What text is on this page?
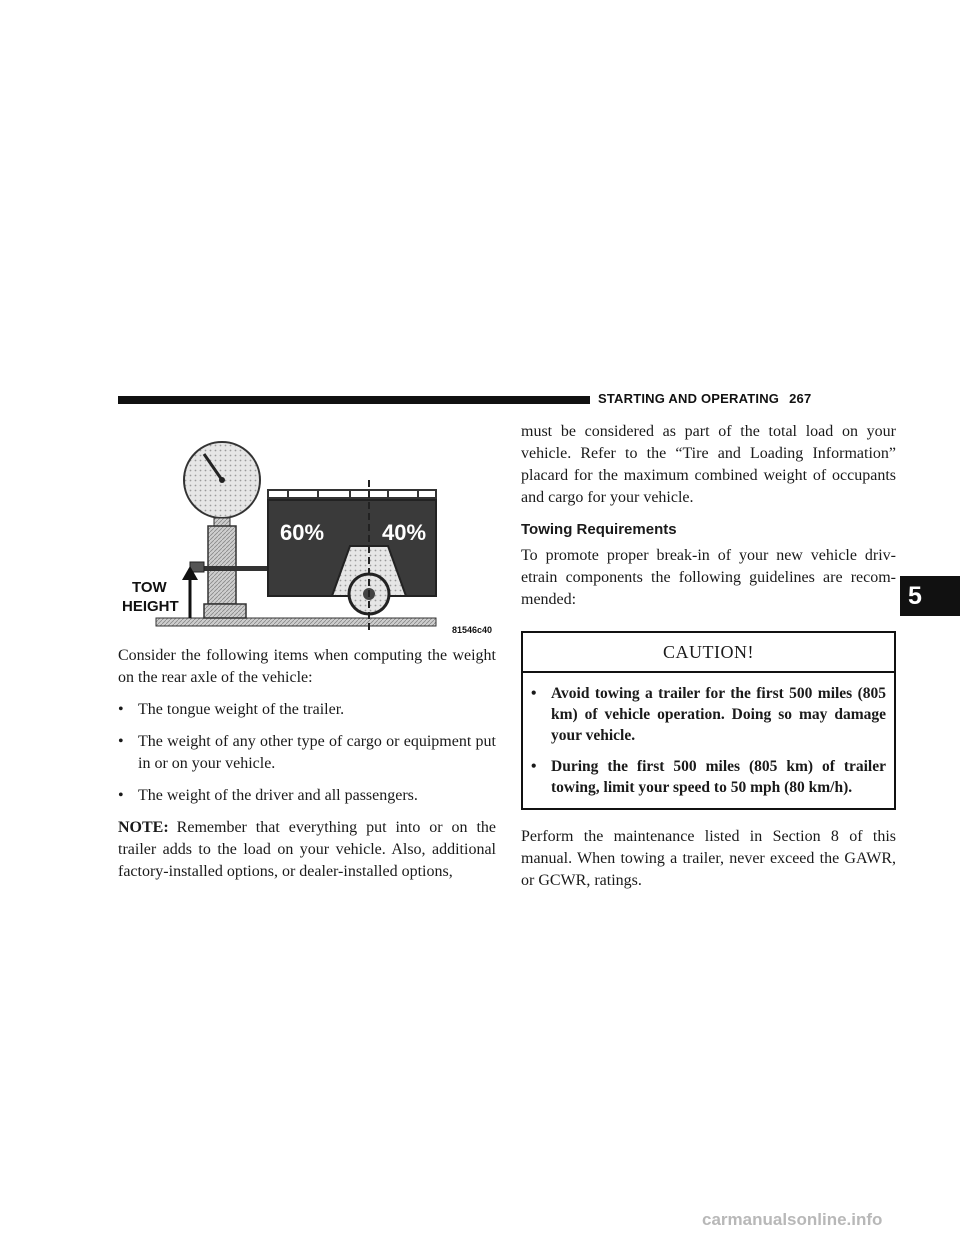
STARTING AND OPERATING 267
5
60%	40%
TOW
HEIGHT
81546c40

Consider the following items when computing the weight on the rear axle of the vehicle:

• The tongue weight of the trailer.
• The weight of any other type of cargo or equipment put in or on your vehicle.
• The weight of the driver and all passengers.

NOTE: Remember that everything put into or on the trailer adds to the load on your vehicle. Also, additional factory-installed options, or dealer-installed options,

must be considered as part of the total load on your vehicle. Refer to the “Tire and Loading Information” placard for the maximum combined weight of occupants and cargo for your vehicle.

Towing Requirements

To promote proper break-in of your new vehicle driv-etrain components the following guidelines are recom-mended:

CAUTION!
• Avoid towing a trailer for the first 500 miles (805 km) of vehicle operation. Doing so may damage your vehicle.
• During the first 500 miles (805 km) of trailer towing, limit your speed to 50 mph (80 km/h).

Perform the maintenance listed in Section 8 of this manual. When towing a trailer, never exceed the GAWR, or GCWR, ratings.

carmanualsonline.info
